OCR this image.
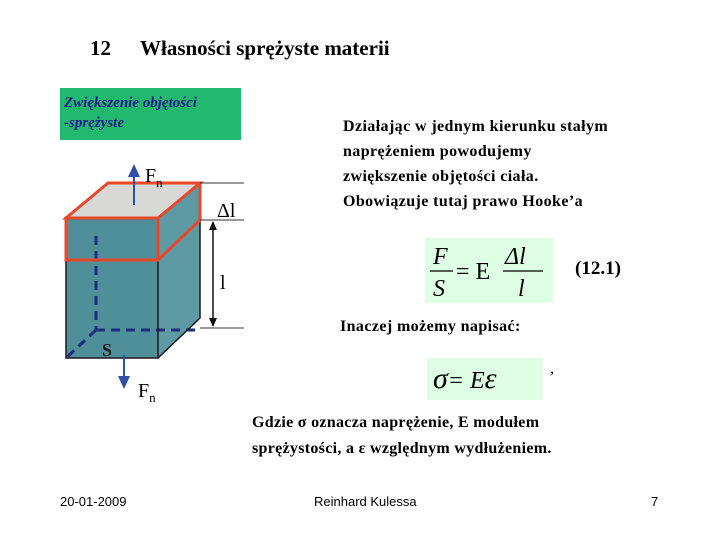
12 Własności sprężyste materii
Zwiększenie objętości
-sprężyste
$F_n$
Δl
l
S
$F_n$
Działając w jednym kierunku stałym
naprężeniem powodujemy
zwiększenie objętości ciała.
Obowiązuje tutaj prawo Hooke’a
F
S
= E
Δl
l
(12.1)
Inaczej możemy napisać:
σ= Eε	,
Gdzie σ oznacza naprężenie, E modułem
sprężystości, a ε względnym wydłużeniem.
20-01-2009	Reinhard Kulessa	7
